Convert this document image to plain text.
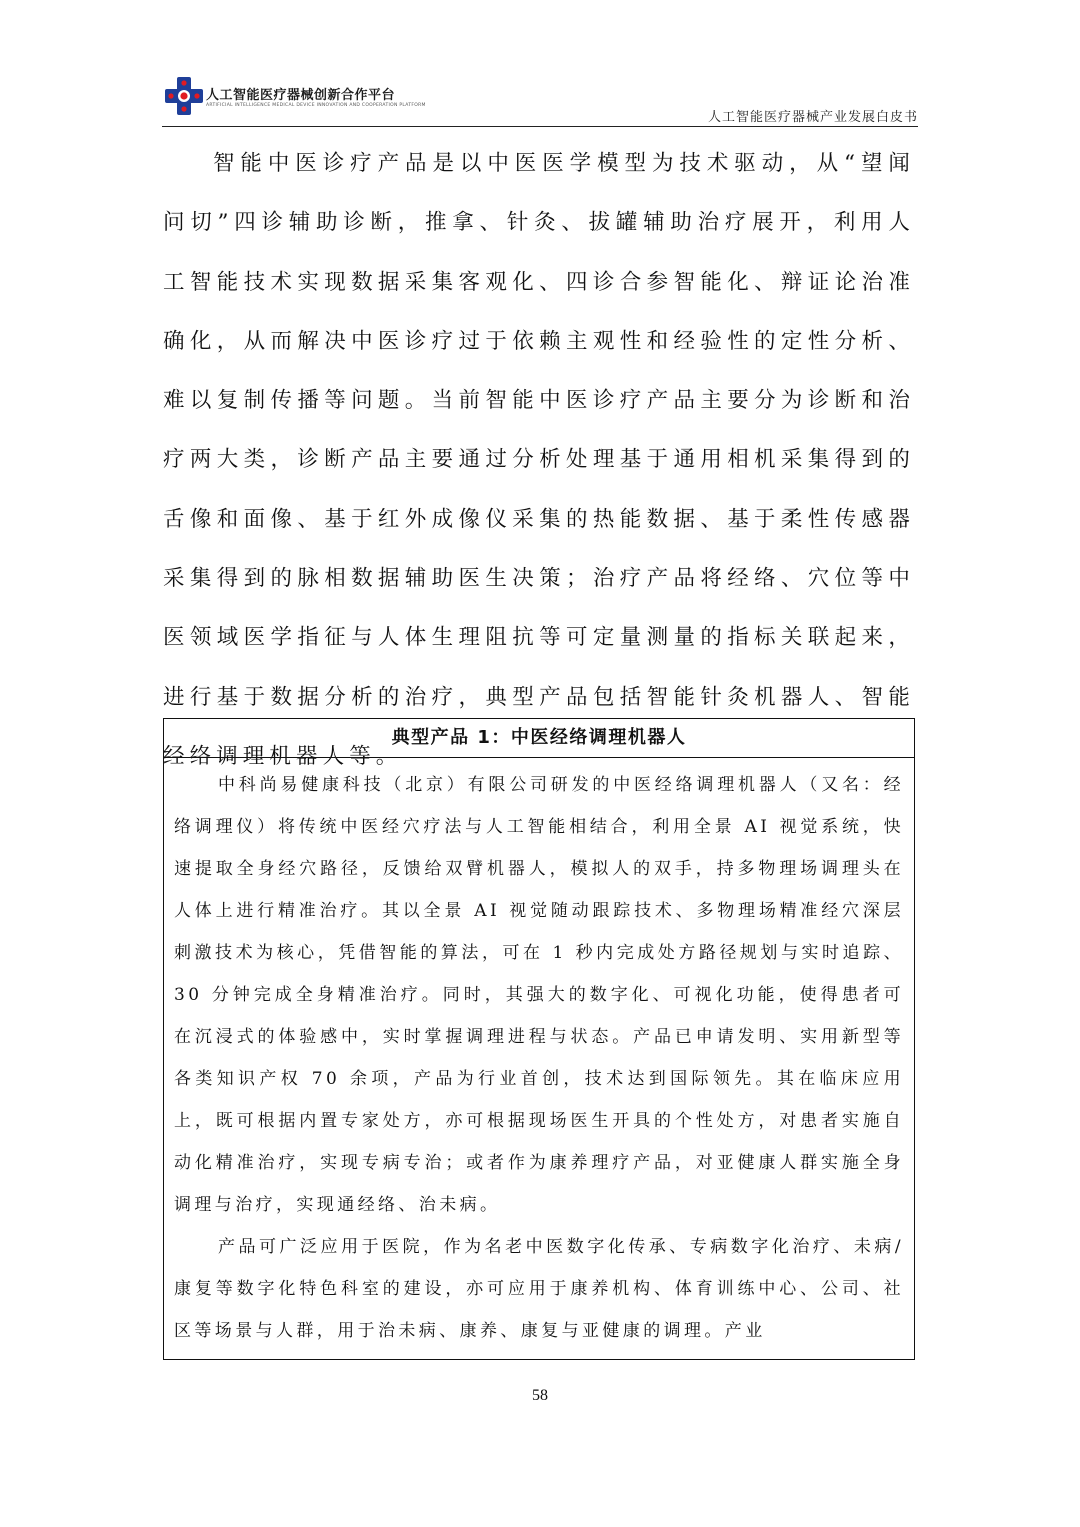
人工智能医疗器械创新合作平台
ARTIFICIAL INTELLIGENCE MEDICAL DEVICE INNOVATION AND COOPERATION PLATFORM
人工智能医疗器械产业发展白皮书

智能中医诊疗产品是以中医医学模型为技术驱动，从“望闻问切”四诊辅助诊断，推拿、针灸、拔罐辅助治疗展开，利用人工智能技术实现数据采集客观化、四诊合参智能化、辩证论治准确化，从而解决中医诊疗过于依赖主观性和经验性的定性分析、难以复制传播等问题。当前智能中医诊疗产品主要分为诊断和治疗两大类，诊断产品主要通过分析处理基于通用相机采集得到的舌像和面像、基于红外成像仪采集的热能数据、基于柔性传感器采集得到的脉相数据辅助医生决策；治疗产品将经络、穴位等中医领域医学指征与人体生理阻抗等可定量测量的指标关联起来，进行基于数据分析的治疗，典型产品包括智能针灸机器人、智能经络调理机器人等。

典型产品 1：中医经络调理机器人

中科尚易健康科技（北京）有限公司研发的中医经络调理机器人（又名：经络调理仪）将传统中医经穴疗法与人工智能相结合，利用全景 AI 视觉系统，快速提取全身经穴路径，反馈给双臂机器人，模拟人的双手，持多物理场调理头在人体上进行精准治疗。其以全景 AI 视觉随动跟踪技术、多物理场精准经穴深层刺激技术为核心，凭借智能的算法，可在 1 秒内完成处方路径规划与实时追踪、30 分钟完成全身精准治疗。同时，其强大的数字化、可视化功能，使得患者可在沉浸式的体验感中，实时掌握调理进程与状态。产品已申请发明、实用新型等各类知识产权 70 余项，产品为行业首创，技术达到国际领先。其在临床应用上，既可根据内置专家处方，亦可根据现场医生开具的个性处方，对患者实施自动化精准治疗，实现专病专治；或者作为康养理疗产品，对亚健康人群实施全身调理与治疗，实现通经络、治未病。

产品可广泛应用于医院，作为名老中医数字化传承、专病数字化治疗、未病/康复等数字化特色科室的建设，亦可应用于康养机构、体育训练中心、公司、社区等场景与人群，用于治未病、康养、康复与亚健康的调理。产业

58
